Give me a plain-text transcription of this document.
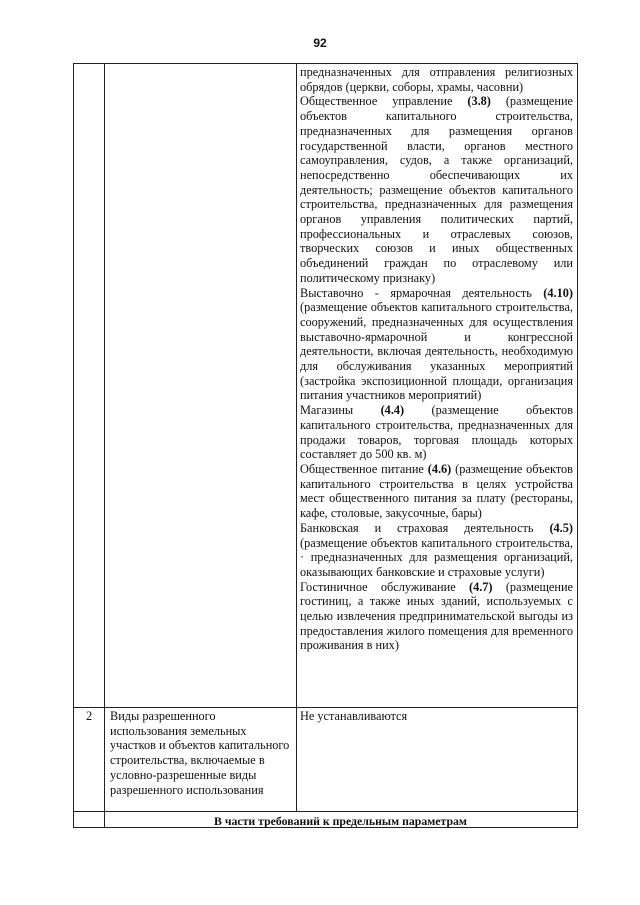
92

предназначенных для отправления религиозных обрядов (церкви, соборы, храмы, часовни)

Общественное управление (3.8) (размещение объектов капитального строительства, предназначенных для размещения органов государственной власти, органов местного самоуправления, судов, а также организаций, непосредственно обеспечивающих их деятельность; размещение объектов капитального строительства, предназначенных для размещения органов управления политических партий, профессиональных и отраслевых союзов, творческих союзов и иных общественных объединений граждан по отраслевому или политическому признаку)

Выставочно - ярмарочная деятельность (4.10) (размещение объектов капитального строительства, сооружений, предназначенных для осуществления выставочно-ярмарочной и конгрессной деятельности, включая деятельность, необходимую для обслуживания указанных мероприятий (застройка экспозиционной площади, организация питания участников мероприятий)

Магазины (4.4) (размещение объектов капитального строительства, предназначенных для продажи товаров, торговая площадь которых составляет до 500 кв. м)

Общественное питание (4.6) (размещение объектов капитального строительства в целях устройства мест общественного питания за плату (рестораны, кафе, столовые, закусочные, бары)

Банковская и страховая деятельность (4.5) (размещение объектов капитального строительства, · предназначенных для размещения организаций, оказывающих банковские и страховые услуги)

Гостиничное обслуживание (4.7) (размещение гостиниц, а также иных зданий, используемых с целью извлечения предпринимательской выгоды из предоставления жилого помещения для временного проживания в них)

2 Виды разрешенного использования земельных участков и объектов капитального строительства, включаемые в условно-разрешенные виды разрешенного использования
Не устанавливаются
В части требований к предельным параметрам
